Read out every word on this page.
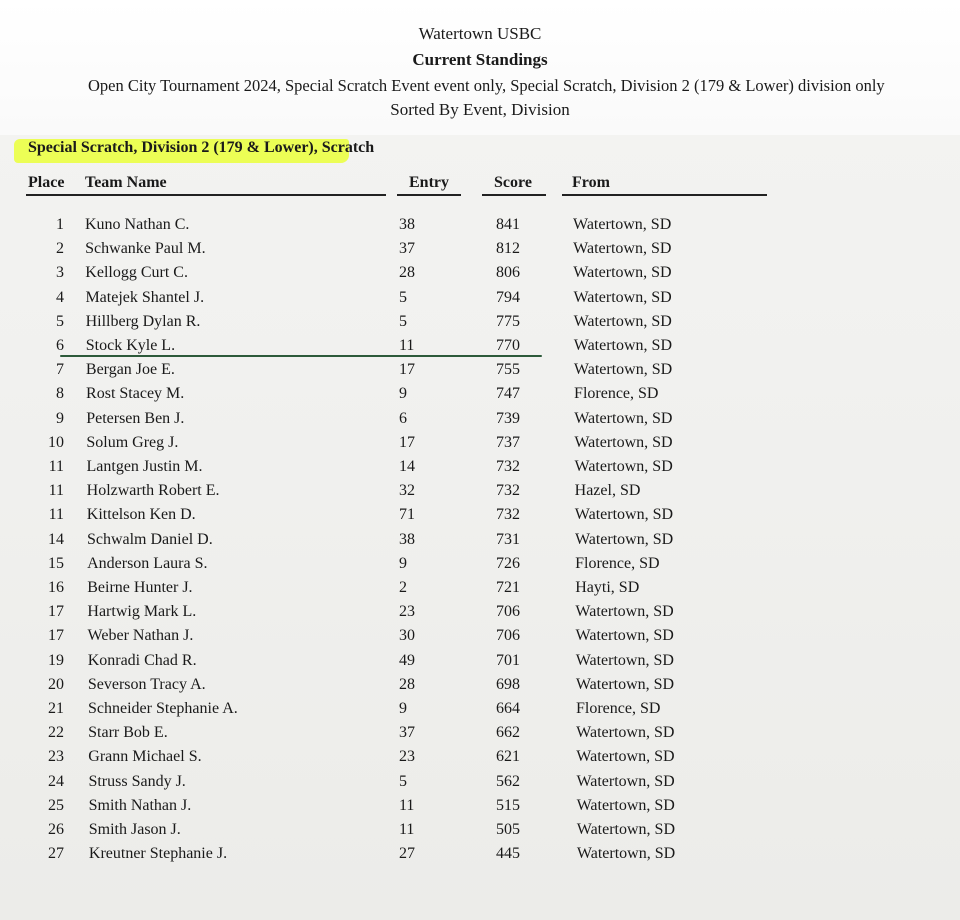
Watertown USBC
Current Standings
Open City Tournament 2024, Special Scratch Event event only, Special Scratch, Division 2 (179 & Lower) division only
Sorted By Event, Division
Special Scratch, Division 2 (179 & Lower), Scratch
Place Team Name	Entry	Score	From
1 Kuno Nathan C.	38	841	Watertown, SD
2 Schwanke Paul M.	37	812	Watertown, SD
3 Kellogg Curt C.	28	806	Watertown, SD
4 Matejek Shantel J.	5	794	Watertown, SD
5 Hillberg Dylan R.	5	775	Watertown, SD
6 Stock Kyle L.	11	770	Watertown, SD
7 Bergan Joe E.	17	755	Watertown, SD
8 Rost Stacey M.	9	747	Florence, SD
9 Petersen Ben J.	6	739	Watertown, SD
10 Solum Greg J.	17	737	Watertown, SD
11 Lantgen Justin M.	14	732	Watertown, SD
11 Holzwarth Robert E.	32	732	Hazel, SD
11 Kittelson Ken D.	71	732	Watertown, SD
14 Schwalm Daniel D.	38	731	Watertown, SD
15 Anderson Laura S.	9	726	Florence, SD
16 Beirne Hunter J.	2	721	Hayti, SD
17 Hartwig Mark L.	23	706	Watertown, SD
17 Weber Nathan J.	30	706	Watertown, SD
19 Konradi Chad R.	49	701	Watertown, SD
20 Severson Tracy A.	28	698	Watertown, SD
21 Schneider Stephanie A.	9	664	Florence, SD
22 Starr Bob E.	37	662	Watertown, SD
23 Grann Michael S.	23	621	Watertown, SD
24 Struss Sandy J.	5	562	Watertown, SD
25 Smith Nathan J.	11	515	Watertown, SD
26 Smith Jason J.	11	505	Watertown, SD
27 Kreutner Stephanie J.	27	445	Watertown, SD
